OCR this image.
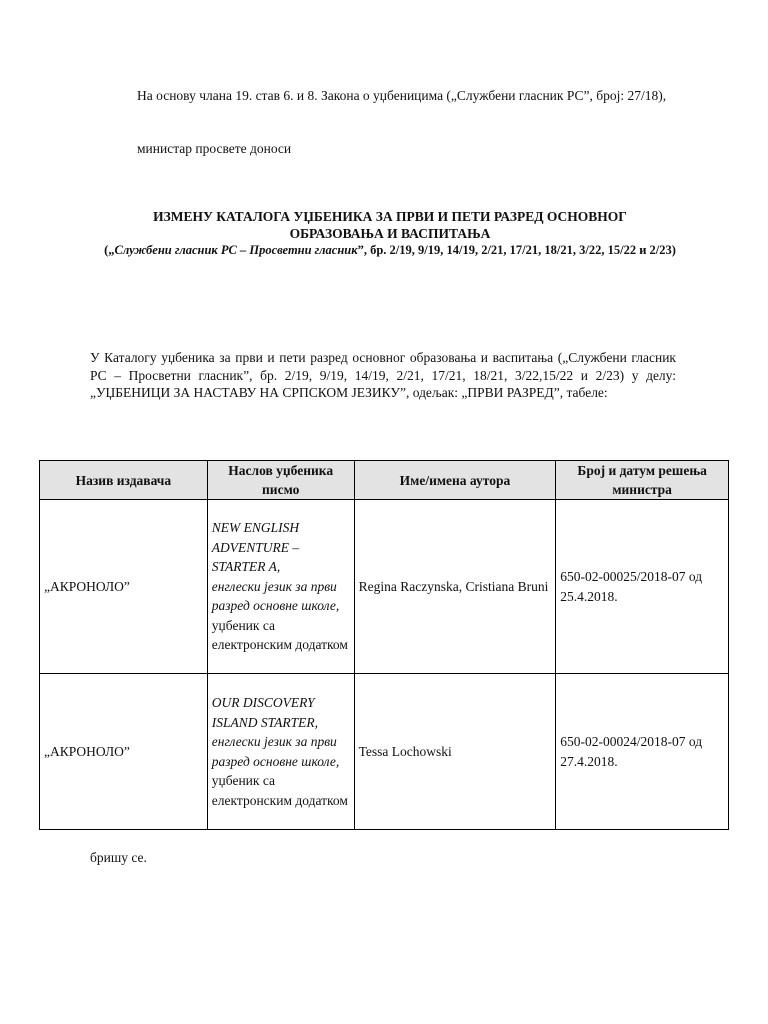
На основу члана 19. став 6. и 8. Закона о уџбеницима („Службени гласник РС”, број: 27/18),
министар просвете доноси
ИЗМЕНУ КАТАЛОГА УЏБЕНИКА ЗА ПРВИ И ПЕТИ РАЗРЕД ОСНОВНОГ
ОБРАЗОВАЊА И ВАСПИТАЊА
(„Службени гласник РС – Просветни гласник”, бр. 2/19, 9/19, 14/19, 2/21, 17/21, 18/21, 3/22, 15/22 и 2/23)
У Каталогу уџбеника за први и пети разред основног образовања и васпитања („Службени гласник РС – Просветни гласник”, бр. 2/19, 9/19, 14/19, 2/21, 17/21, 18/21, 3/22,15/22 и 2/23) у делу: „УЏБЕНИЦИ ЗА НАСТАВУ НА СРПСКОМ ЈЕЗИКУ”, одељак: „ПРВИ РАЗРЕД”, табеле:
Назив издавача	Наслов уџбеника писмо	Име/имена аутора	Број и датум решења министра
„АКРОНОЛО”	NEW ENGLISH ADVENTURE – STARTER A,
енглески језик за први разред основне школе,
уџбеник са електронским додатком	Regina Raczynska, Cristiana Bruni	650-02-00025/2018-07 од 25.4.2018.
„АКРОНОЛО”	OUR DISCOVERY ISLAND STARTER,
енглески језик за први разред основне школе,
уџбеник са електронским додатком	Tessa Lochowski	650-02-00024/2018-07 од 27.4.2018.
бришу се.
